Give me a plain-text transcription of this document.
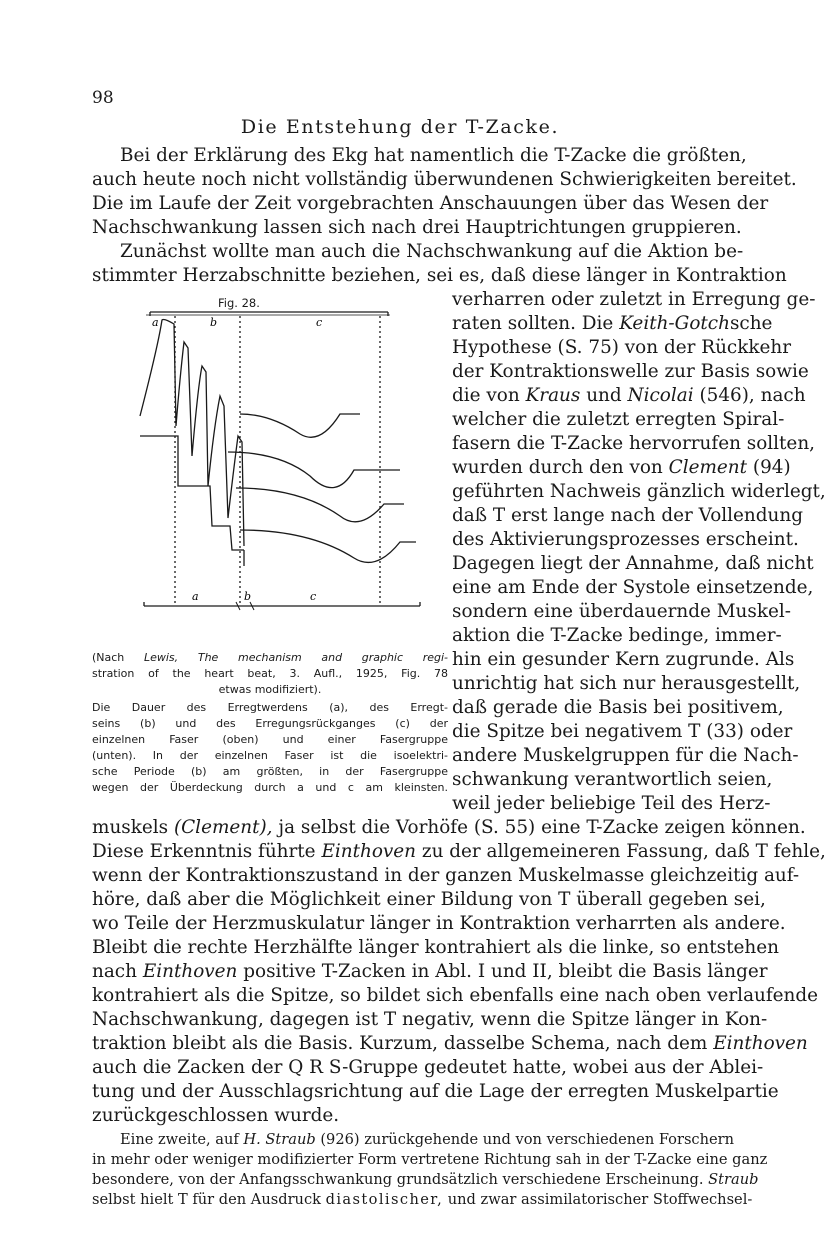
98
Die Entstehung der T-Zacke.
Bei der Erklärung des Ekg hat namentlich die T-Zacke die größten,
auch heute noch nicht vollständig überwundenen Schwierigkeiten bereitet.
Die im Laufe der Zeit vorgebrachten Anschauungen über das Wesen der
Nachschwankung lassen sich nach drei Hauptrichtungen gruppieren.
Zunächst wollte man auch die Nachschwankung auf die Aktion be-
stimmter Herzabschnitte beziehen, sei es, daß diese länger in Kontraktion
verharren oder zuletzt in Erregung ge-
raten sollten. Die Keith-Gotchsche
Hypothese (S. 75) von der Rückkehr
der Kontraktionswelle zur Basis sowie
die von Kraus und Nicolai (546), nach
welcher die zuletzt erregten Spiral-
fasern die T-Zacke hervorrufen sollten,
wurden durch den von Clement (94)
geführten Nachweis gänzlich widerlegt,
daß T erst lange nach der Vollendung
des Aktivierungsprozesses erscheint.
Dagegen liegt der Annahme, daß nicht
eine am Ende der Systole einsetzende,
sondern eine überdauernde Muskel-
aktion die T-Zacke bedinge, immer-
hin ein gesunder Kern zugrunde. Als
unrichtig hat sich nur herausgestellt,
daß gerade die Basis bei positivem,
die Spitze bei negativem T (33) oder
andere Muskelgruppen für die Nach-
schwankung verantwortlich seien,
weil jeder beliebige Teil des Herz-
Fig. 28.
a	b	c
a	b	c
(Nach Lewis, The mechanism and graphic regi-
stration of the heart beat, 3. Aufl., 1925, Fig. 78
etwas modifiziert).
Die Dauer des Erregtwerdens (a), des Erregt-
seins (b) und des Erregungsrückganges (c) der
einzelnen Faser (oben) und einer Fasergruppe
(unten). In der einzelnen Faser ist die isoelektri-
sche Periode (b) am größten, in der Fasergruppe
wegen der Überdeckung durch a und c am kleinsten.
muskels (Clement), ja selbst die Vorhöfe (S. 55) eine T-Zacke zeigen können.
Diese Erkenntnis führte Einthoven zu der allgemeineren Fassung, daß T fehle,
wenn der Kontraktionszustand in der ganzen Muskelmasse gleichzeitig auf-
höre, daß aber die Möglichkeit einer Bildung von T überall gegeben sei,
wo Teile der Herzmuskulatur länger in Kontraktion verharrten als andere.
Bleibt die rechte Herzhälfte länger kontrahiert als die linke, so entstehen
nach Einthoven positive T-Zacken in Abl. I und II, bleibt die Basis länger
kontrahiert als die Spitze, so bildet sich ebenfalls eine nach oben verlaufende
Nachschwankung, dagegen ist T negativ, wenn die Spitze länger in Kon-
traktion bleibt als die Basis. Kurzum, dasselbe Schema, nach dem Einthoven
auch die Zacken der Q R S-Gruppe gedeutet hatte, wobei aus der Ablei-
tung und der Ausschlagsrichtung auf die Lage der erregten Muskelpartie
zurückgeschlossen wurde.
Eine zweite, auf H. Straub (926) zurückgehende und von verschiedenen Forschern
in mehr oder weniger modifizierter Form vertretene Richtung sah in der T-Zacke eine ganz
besondere, von der Anfangsschwankung grundsätzlich verschiedene Erscheinung. Straub
selbst hielt T für den Ausdruck diastolischer, und zwar assimilatorischer Stoffwechsel-
